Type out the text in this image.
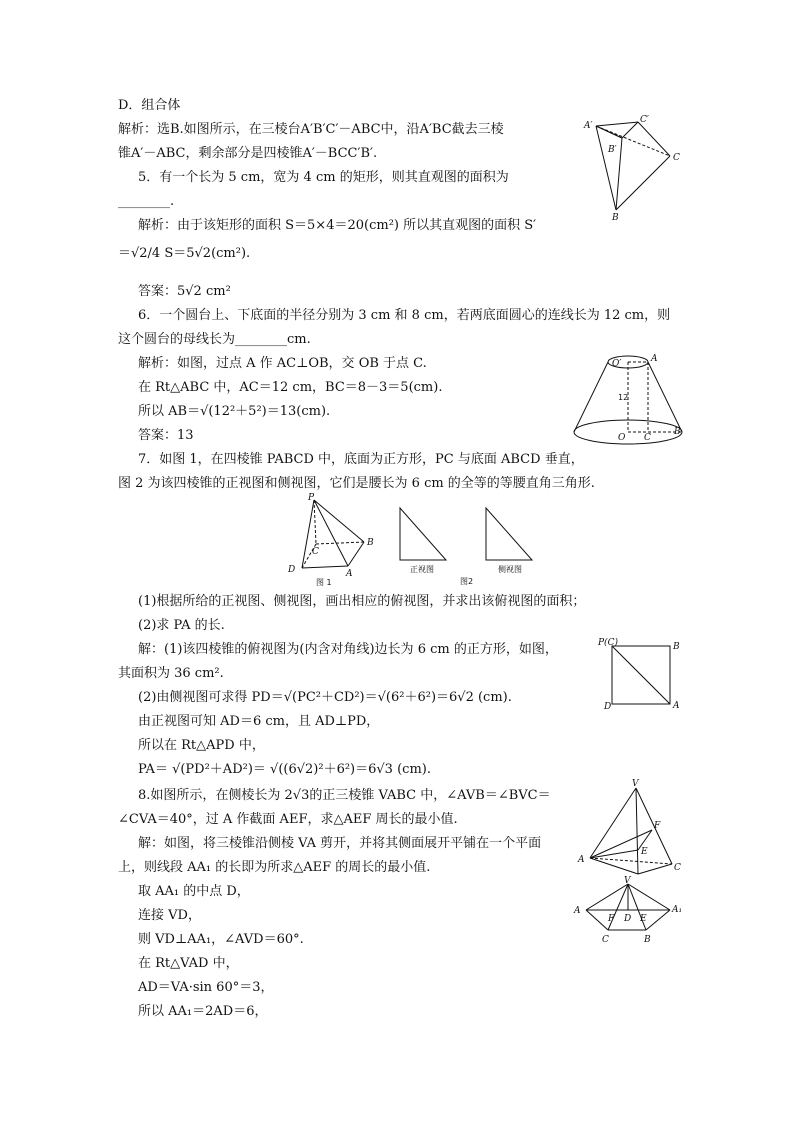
D．组合体
解析：选B.如图所示，在三棱台A′B′C′－ABC中，沿A′BC截去三棱
锥A′－ABC，剩余部分是四棱锥A′－BCC′B′.
5．有一个长为 5 cm，宽为 4 cm 的矩形，则其直观图的面积为
________.
解析：由于该矩形的面积 S＝5×4＝20(cm²) 所以其直观图的面积 S′
＝√2/4 S＝5√2(cm²).
答案：5√2 cm²
6．一个圆台上、下底面的半径分别为 3 cm 和 8 cm，若两底面圆心的连线长为 12 cm，则
这个圆台的母线长为________cm.
解析：如图，过点 A 作 AC⊥OB，交 OB 于点 C.
在 Rt△ABC 中，AC＝12 cm，BC＝8－3＝5(cm).
所以 AB＝√(12²＋5²)＝13(cm).
答案：13
7．如图 1，在四棱锥 PABCD 中，底面为正方形，PC 与底面 ABCD 垂直，
图 2 为该四棱锥的正视图和侧视图，它们是腰长为 6 cm 的全等的等腰直角三角形.
(1)根据所给的正视图、侧视图，画出相应的俯视图，并求出该俯视图的面积；
(2)求 PA 的长.
解：(1)该四棱锥的俯视图为(内含对角线)边长为 6 cm 的正方形，如图，
其面积为 36 cm².
(2)由侧视图可求得 PD＝√(PC²＋CD²)＝√(6²＋6²)＝6√2 (cm).
由正视图可知 AD＝6 cm，且 AD⊥PD，
所以在 Rt△APD 中，
PA＝ √(PD²＋AD²)＝ √((6√2)²＋6²)＝6√3 (cm).
8.如图所示，在侧棱长为 2√3的正三棱锥 VABC 中，∠AVB＝∠BVC＝
∠CVA＝40°，过 A 作截面 AEF，求△AEF 周长的最小值.
解：如图，将三棱锥沿侧棱 VA 剪开，并将其侧面展开平铺在一个平面
上，则线段 AA₁ 的长即为所求△AEF 的周长的最小值.
取 AA₁ 的中点 D，
连接 VD，
则 VD⊥AA₁，∠AVD＝60°.
在 Rt△VAD 中，
AD＝VA·sin 60°＝3，
所以 AA₁＝2AD＝6，
A′
C′
B′
C
B
O′	A
12
O C
B
P
B
C
D	A
图 1
正视图	侧视图
图2
P(C)	B
D	A
V
F
E
A
C
V
A
F D E
A₁
C	B
